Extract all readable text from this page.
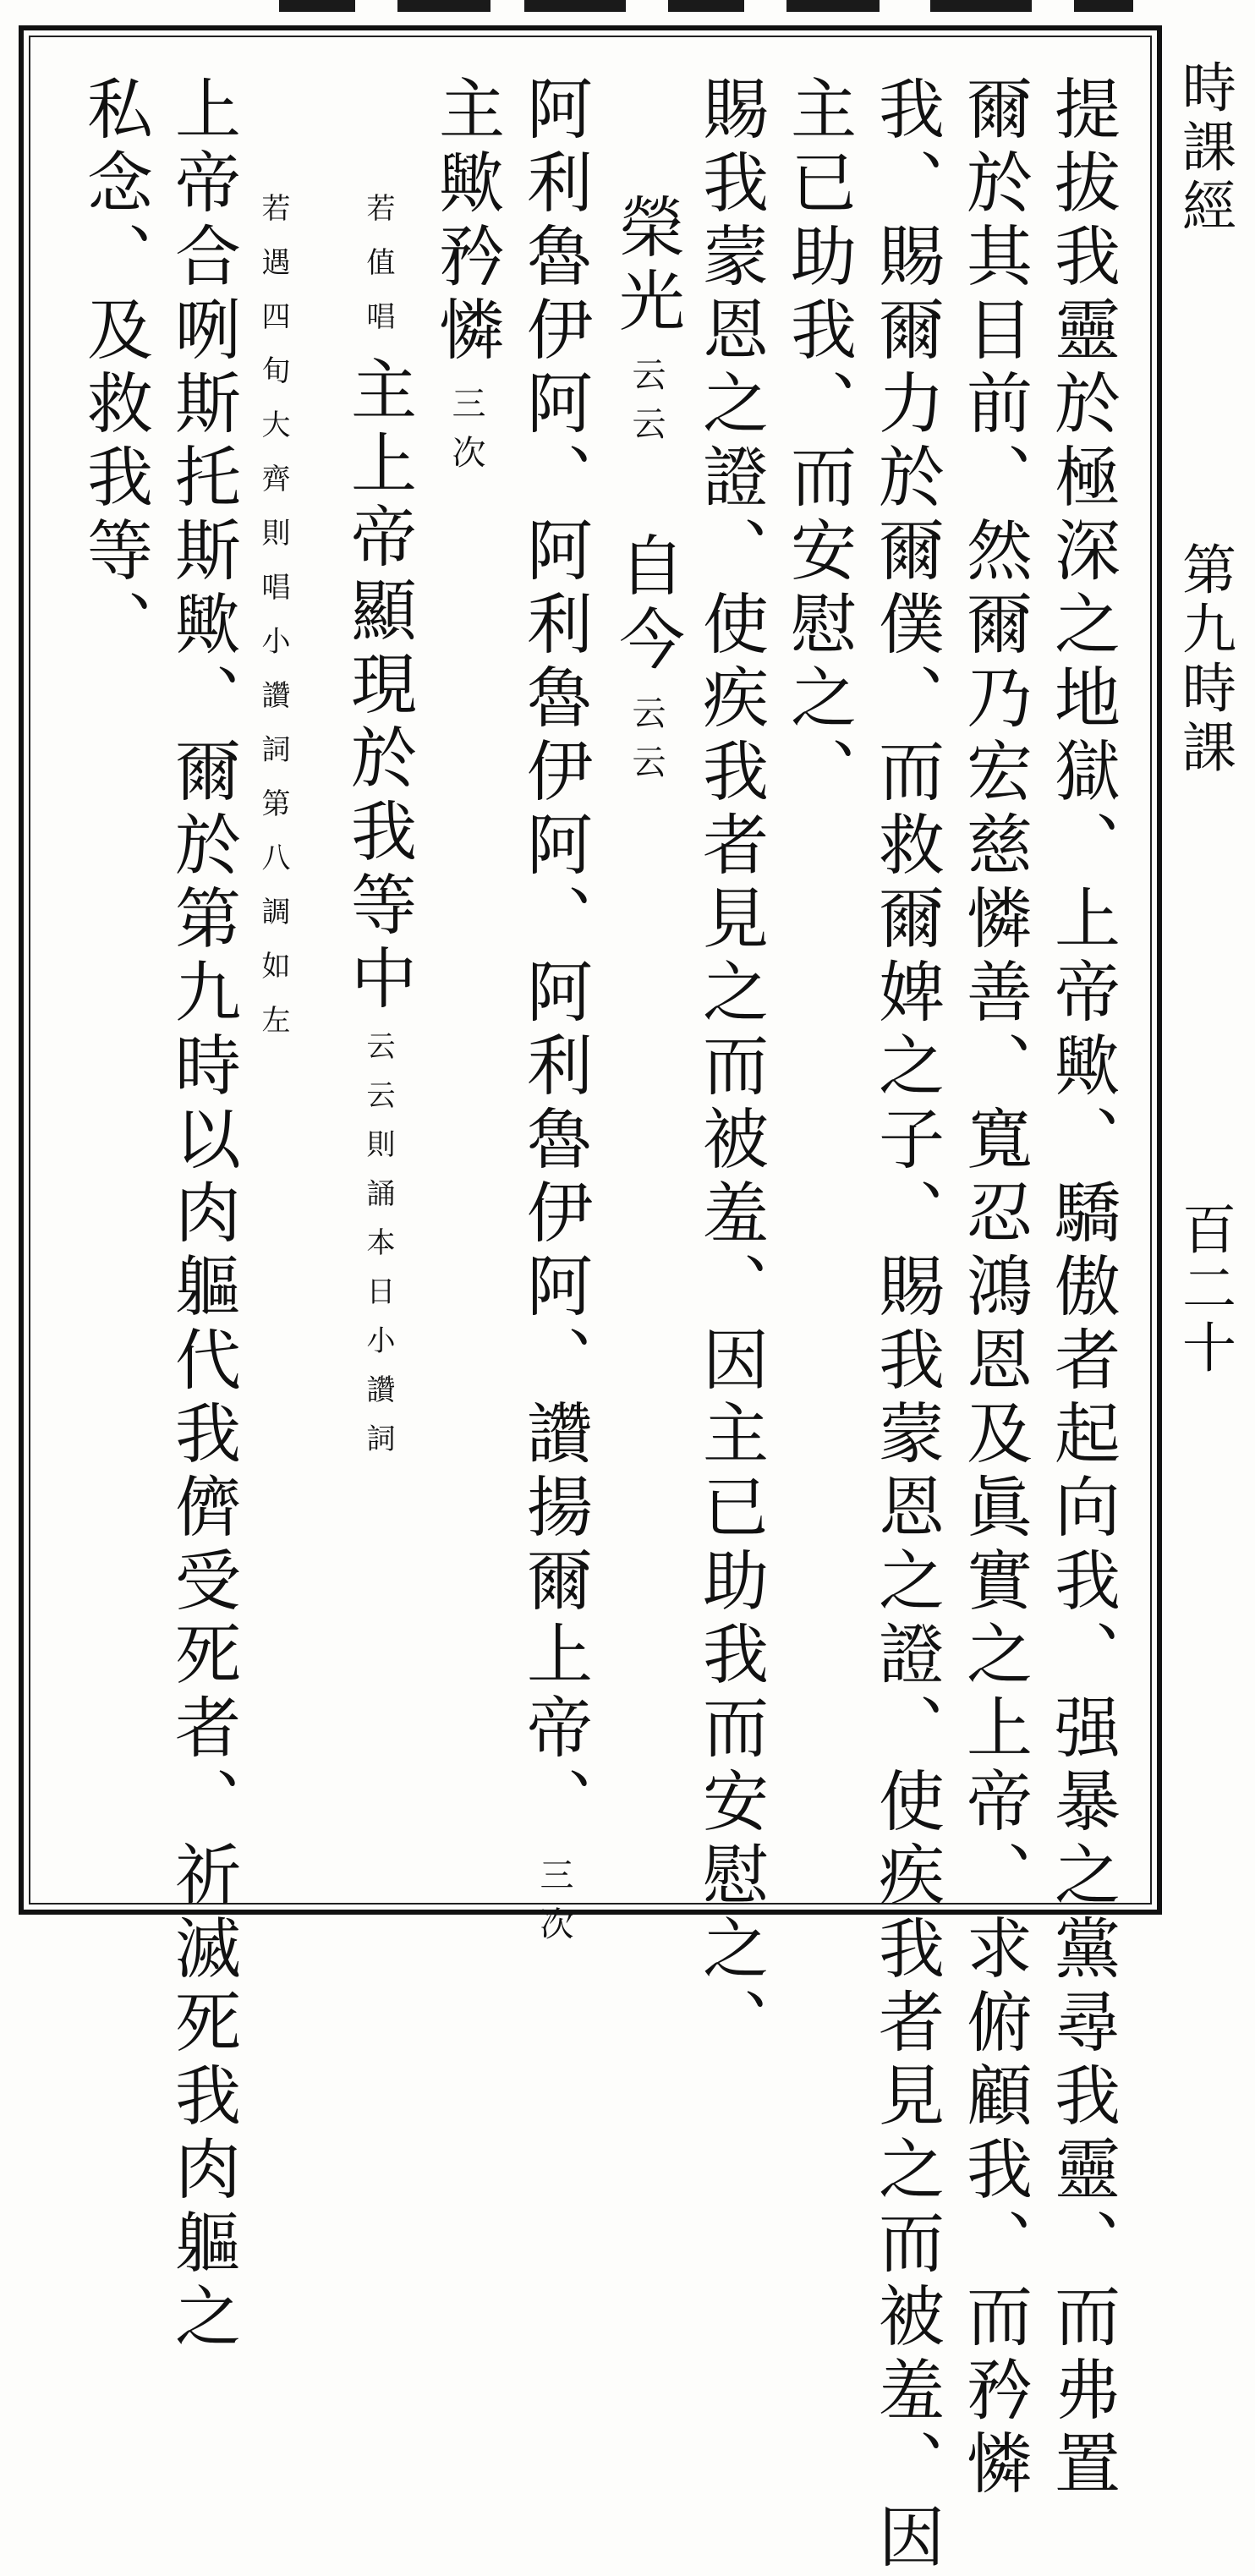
時課經
第九時課
百二十
提拔我靈於極深之地獄、上帝歟、驕傲者起向我、强暴之黨尋我靈、而弗置
爾於其目前、然爾乃宏慈憐善、寬忍鴻恩及眞實之上帝、求俯顧我、而矜憐
我、賜爾力於爾僕、而救爾婢之子、賜我蒙恩之證、使疾我者見之而被羞、因
主已助我、而安慰之、
賜我蒙恩之證、使疾我者見之而被羞、因主已助我而安慰之、
榮光云云自今云云
阿利魯伊阿、阿利魯伊阿、阿利魯伊阿、讚揚爾上帝、三次
主歟矜憐三次
若值唱主上帝顯現於我等中云云則誦本日小讚詞
若遇四旬大齊則唱小讚詞第八調如左
上帝合咧斯托斯歟、爾於第九時以肉軀代我儕受死者、祈滅死我肉軀之
私念、及救我等、
